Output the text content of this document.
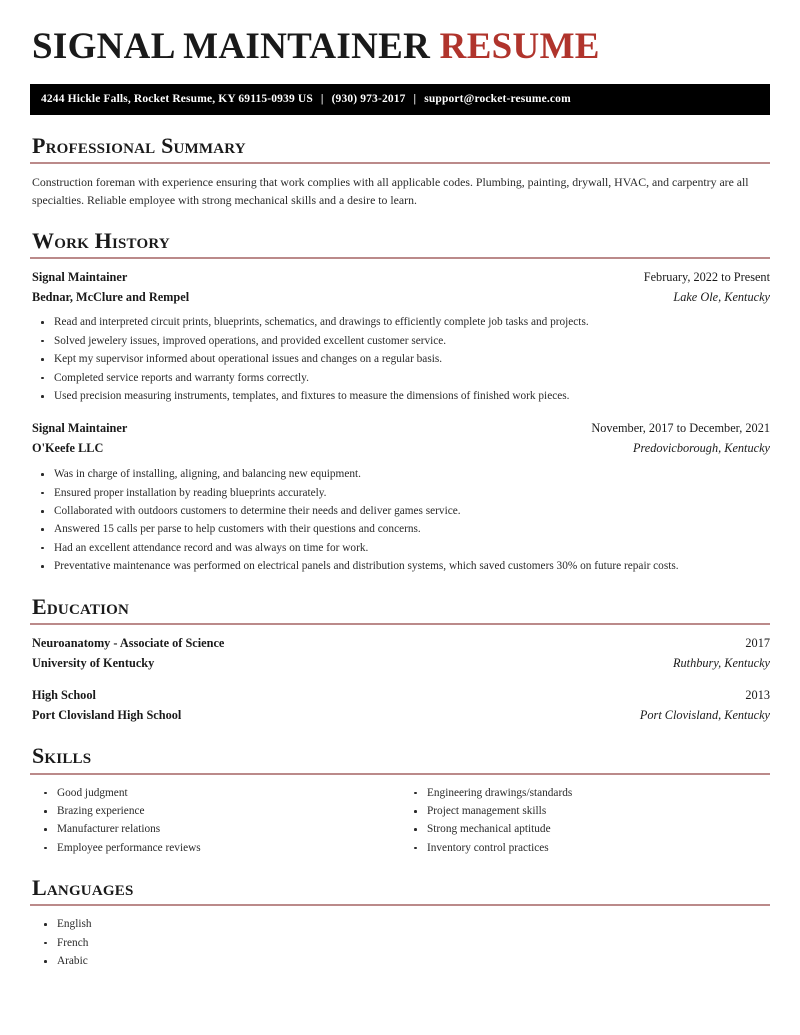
SIGNAL MAINTAINER RESUME
4244 Hickle Falls, Rocket Resume, KY 69115-0939 US | (930) 973-2017 | support@rocket-resume.com
Professional Summary

Construction foreman with experience ensuring that work complies with all applicable codes. Plumbing, painting, drywall, HVAC, and carpentry are all specialties. Reliable employee with strong mechanical skills and a desire to learn.

Work History
Signal Maintainer	February, 2022 to Present
Bednar, McClure and Rempel	Lake Ole, Kentucky
Read and interpreted circuit prints, blueprints, schematics, and drawings to efficiently complete job tasks and projects.
Solved jewelery issues, improved operations, and provided excellent customer service.
Kept my supervisor informed about operational issues and changes on a regular basis.
Completed service reports and warranty forms correctly.
Used precision measuring instruments, templates, and fixtures to measure the dimensions of finished work pieces.
Signal Maintainer	November, 2017 to December, 2021
O'Keefe LLC	Predovicborough, Kentucky
Was in charge of installing, aligning, and balancing new equipment.
Ensured proper installation by reading blueprints accurately.
Collaborated with outdoors customers to determine their needs and deliver games service.
Answered 15 calls per parse to help customers with their questions and concerns.
Had an excellent attendance record and was always on time for work.
Preventative maintenance was performed on electrical panels and distribution systems, which saved customers 30% on future repair costs.
Education
Neuroanatomy - Associate of Science	2017
University of Kentucky	Ruthbury, Kentucky
High School	2013
Port Clovisland High School	Port Clovisland, Kentucky
Skills
Good judgment
Brazing experience
Manufacturer relations
Employee performance reviews
Engineering drawings/standards
Project management skills
Strong mechanical aptitude
Inventory control practices
Languages
English
French
Arabic
